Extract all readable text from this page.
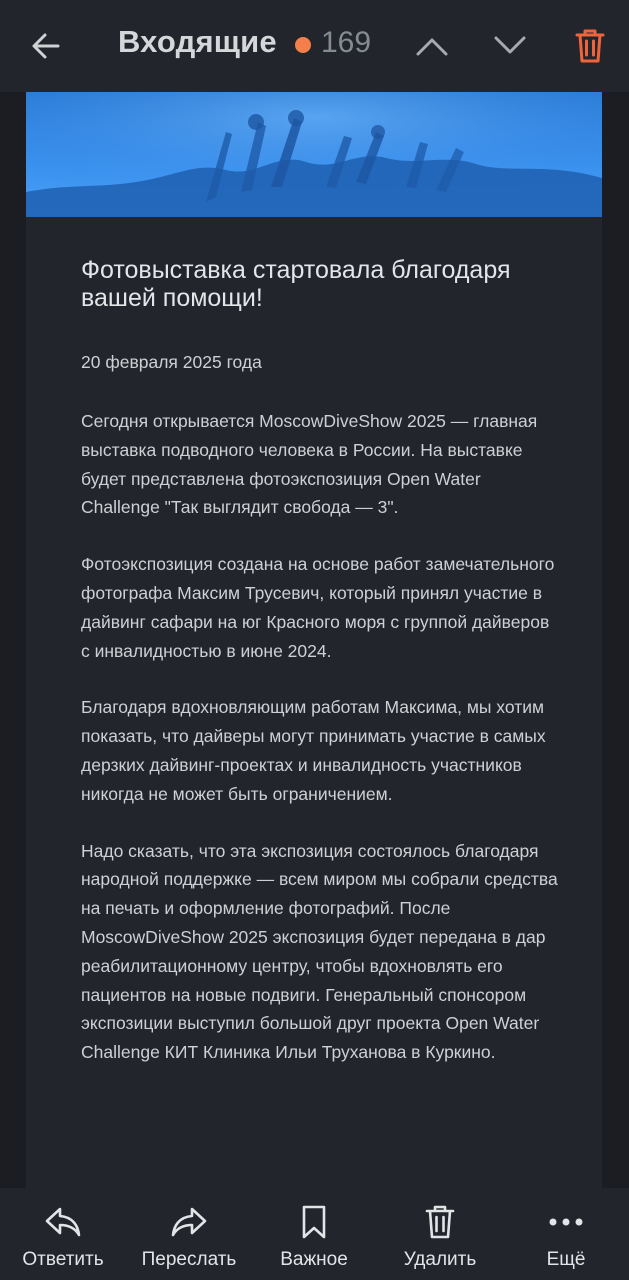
Входящие 169
Фотовыставка стартовала благодаря вашей помощи!
20 февраля 2025 года

Сегодня открывается MoscowDiveShow 2025 — главная выставка подводного человека в России. На выставке будет представлена фотоэкспозиция Open Water Challenge "Так выглядит свобода — 3".

Фотоэкспозиция создана на основе работ замечательного фотографа Максим Трусевич, который принял участие в дайвинг сафари на юг Красного моря с группой дайверов с инвалидностью в июне 2024.

Благодаря вдохновляющим работам Максима, мы хотим показать, что дайверы могут принимать участие в самых дерзких дайвинг-проектах и инвалидность участников никогда не может быть ограничением.

Надо сказать, что эта экспозиция состоялось благодаря народной поддержке — всем миром мы собрали средства на печать и оформление фотографий. После MoscowDiveShow 2025 экспозиция будет передана в дар реабилитационному центру, чтобы вдохновлять его пациентов на новые подвиги. Генеральный спонсором экспозиции выступил большой друг проекта Open Water Challenge КИТ Клиника Ильи Труханова в Куркино.

Ответить Переслать Важное	Удалить	Ещё
